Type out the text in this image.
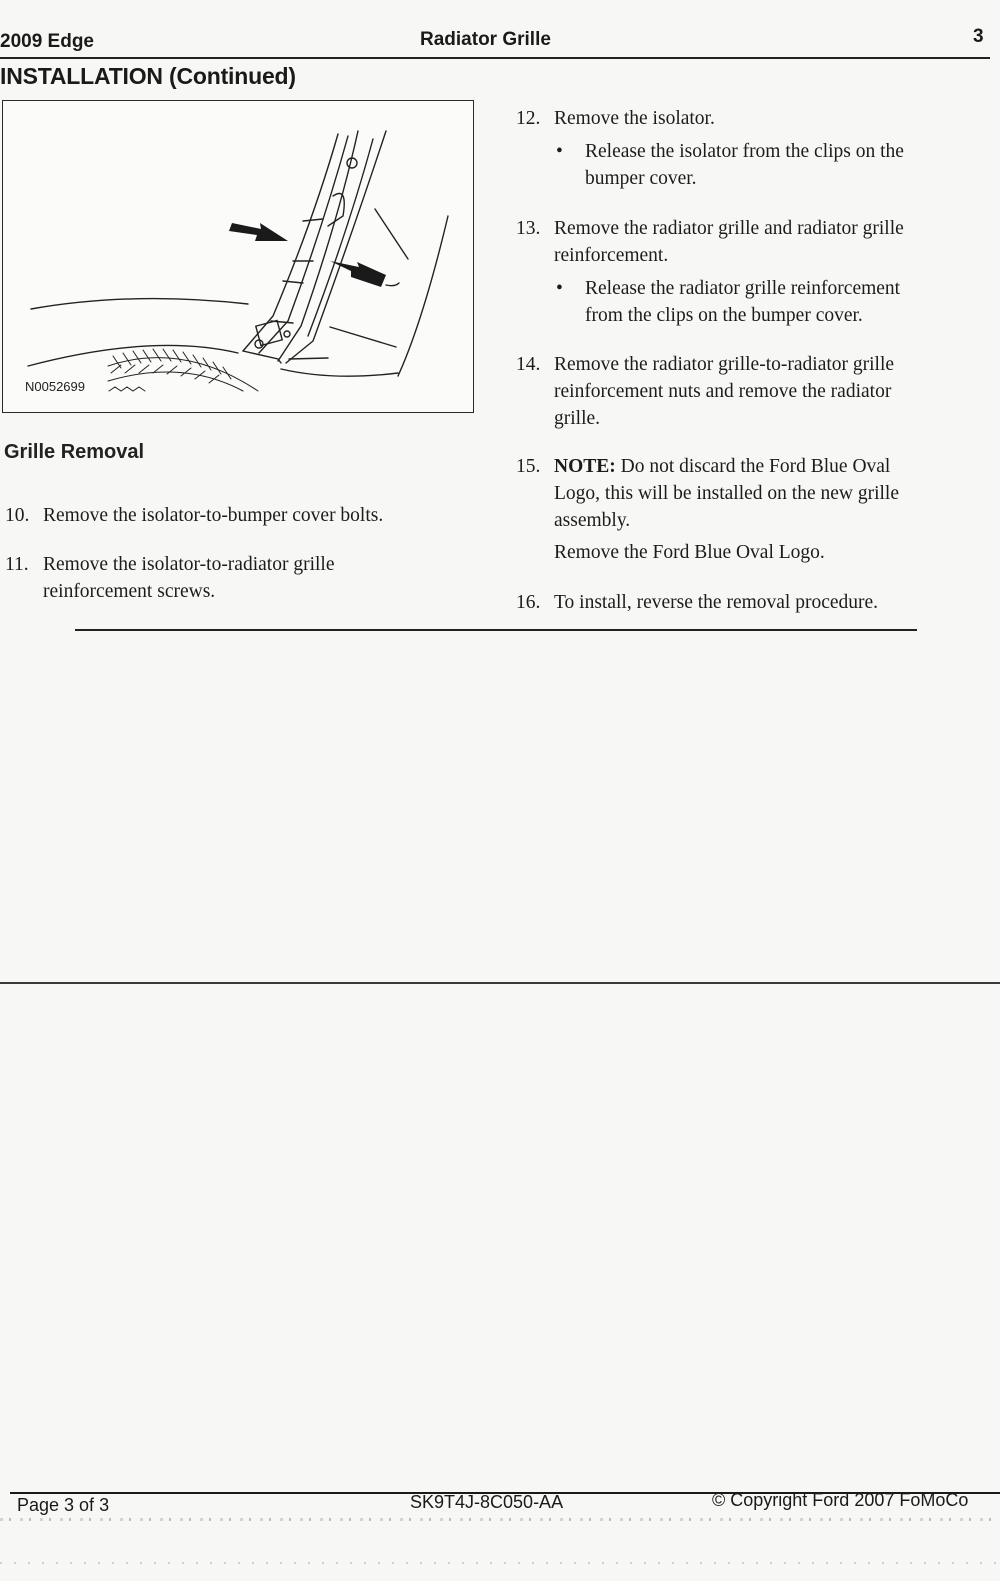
2009 Edge	Radiator Grille	3
INSTALLATION (Continued)
N0052699
Grille Removal
10. Remove the isolator-to-bumper cover bolts.
11. Remove the isolator-to-radiator grille
reinforcement screws.
12. Remove the isolator.
• Release the isolator from the clips on the
bumper cover.
13. Remove the radiator grille and radiator grille
reinforcement.
• Release the radiator grille reinforcement
from the clips on the bumper cover.
14. Remove the radiator grille-to-radiator grille
reinforcement nuts and remove the radiator
grille.
15. NOTE: Do not discard the Ford Blue Oval
Logo, this will be installed on the new grille
assembly.
Remove the Ford Blue Oval Logo.
16. To install, reverse the removal procedure.
Page 3 of 3	SK9T4J-8C050-AA	© Copyright Ford 2007 FoMoCo
